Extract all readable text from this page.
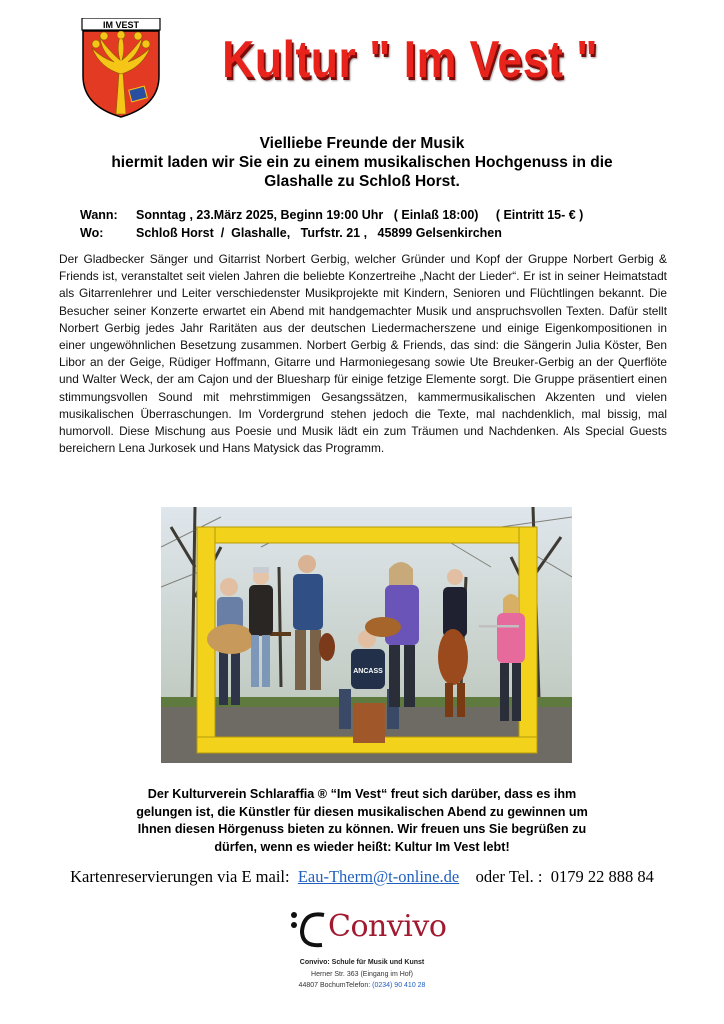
IM VEST
Kultur " Im Vest "
Vielliebe Freunde der Musik
hiermit laden wir Sie ein zu einem musikalischen Hochgenuss in die
Glashalle zu Schloß Horst.
Wann: Sonntag , 23.März 2025, Beginn 19:00 Uhr   ( Einlaß 18:00)     ( Eintritt 15- € )
Wo:	Schloß Horst  /  Glashalle,   Turfstr. 21 ,   45899 Gelsenkirchen
Der Gladbecker Sänger und Gitarrist Norbert Gerbig, welcher Gründer und Kopf der Gruppe Norbert Gerbig & Friends ist, veranstaltet seit vielen Jahren die beliebte Konzertreihe „Nacht der Lieder“. Er ist in seiner Heimatstadt als Gitarrenlehrer und Leiter verschiedenster Musikprojekte mit Kindern, Senioren und Flüchtlingen bekannt. Die Besucher seiner Konzerte erwartet ein Abend mit handgemachter Musik und anspruchsvollen Texten. Dafür stellt Norbert Gerbig jedes Jahr Raritäten aus der deutschen Liedermacherszene und einige Eigenkompositionen in einer ungewöhnlichen Besetzung zusammen. Norbert Gerbig & Friends, das sind: die Sängerin Julia Köster, Ben Libor an der Geige, Rüdiger Hoffmann, Gitarre und Harmoniegesang sowie Ute Breuker-Gerbig an der Querflöte und Walter Weck, der am Cajon und der Bluesharp für einige fetzige Elemente sorgt. Die Gruppe präsentiert einen stimmungsvollen Sound mit mehrstimmigen Gesangssätzen, kammermusikalischen Akzenten und vielen musikalischen Überraschungen. Im Vordergrund stehen jedoch die Texte, mal nachdenklich, mal bissig, mal humorvoll. Diese Mischung aus Poesie und Musik lädt ein zum Träumen und Nachdenken. Als Special Guests bereichern Lena Jurkosek und Hans Matysick das Programm.
ANCASS
Der Kulturverein Schlaraffia ® “Im Vest“ freut sich darüber, dass es ihm
gelungen ist, die Künstler für diesen musikalischen Abend zu gewinnen um
Ihnen diesen Hörgenuss bieten zu können. Wir freuen uns Sie begrüßen zu
dürfen, wenn es wieder heißt: Kultur Im Vest lebt!
Kartenreservierungen via E mail: Eau-Therm@t-online.de oder Tel. : 0179 22 888 84
Convivo
Convivo: Schule für Musik und Kunst
Herner Str. 363 (Eingang im Hof)
44807 BochumTelefon: (0234) 90 410 28
